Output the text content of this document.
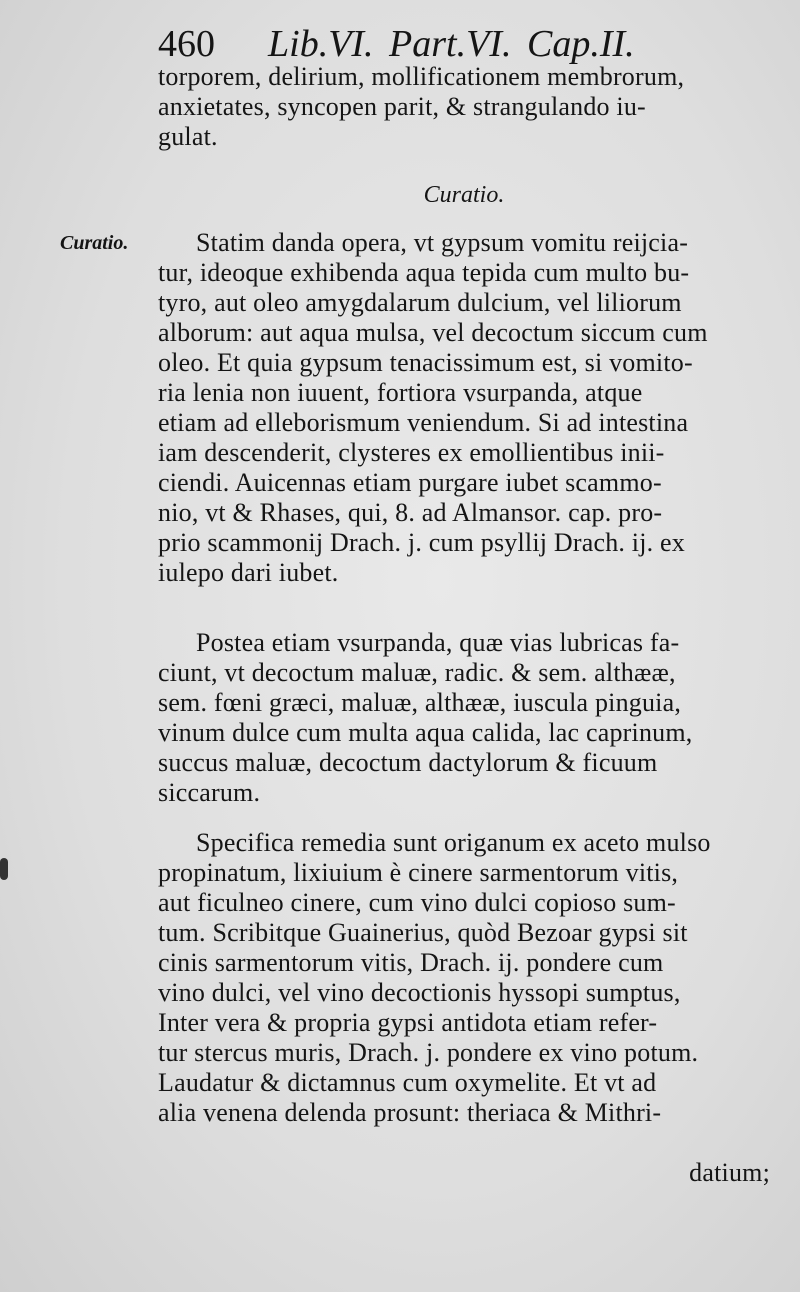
460 Lib.VI. Part.VI. Cap.II.
torporem, delirium, mollificationem membrorum,
anxietates, syncopen parit, & strangulando iu-
gulat.
Curatio.
Curatio.	Statim danda opera, vt gypsum vomitu reijcia-
tur, ideoque exhibenda aqua tepida cum multo bu-
tyro, aut oleo amygdalarum dulcium, vel liliorum
alborum: aut aqua mulsa, vel decoctum siccum cum
oleo. Et quia gypsum tenacissimum est, si vomito-
ria lenia non iuuent, fortiora vsurpanda, atque
etiam ad elleborismum veniendum. Si ad intestina
iam descenderit, clysteres ex emollientibus inii-
ciendi. Auicennas etiam purgare iubet scammo-
nio, vt & Rhases, qui, 8. ad Almansor. cap. pro-
prio scammonij Drach. j. cum psyllij Drach. ij. ex
iulepo dari iubet.
Postea etiam vsurpanda, quæ vias lubricas fa-
ciunt, vt decoctum maluæ, radic. & sem. althææ,
sem. fœni græci, maluæ, althææ, iuscula pinguia,
vinum dulce cum multa aqua calida, lac caprinum,
succus maluæ, decoctum dactylorum & ficuum
siccarum.
Specifica remedia sunt origanum ex aceto mulso
propinatum, lixiuium è cinere sarmentorum vitis,
aut ficulneo cinere, cum vino dulci copioso sum-
tum. Scribitque Guainerius, quòd Bezoar gypsi sit
cinis sarmentorum vitis, Drach. ij. pondere cum
vino dulci, vel vino decoctionis hyssopi sumptus,
Inter vera & propria gypsi antidota etiam refer-
tur stercus muris, Drach. j. pondere ex vino potum.
Laudatur & dictamnus cum oxymelite. Et vt ad
alia venena delenda prosunt: theriaca & Mithri-
datium;
